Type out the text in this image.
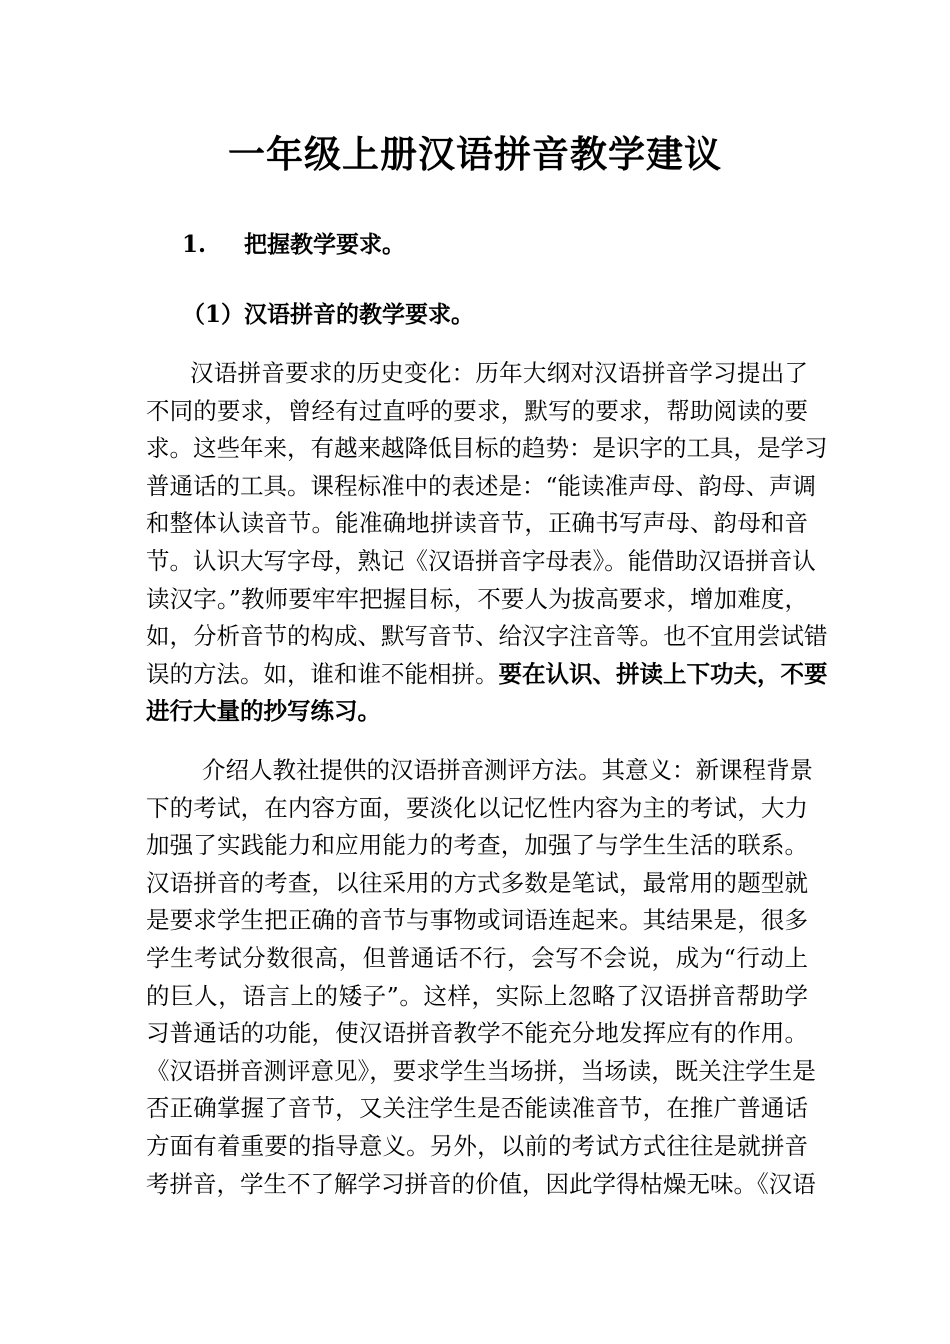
一年级上册汉语拼音教学建议
1. 把握教学要求。
（1）汉语拼音的教学要求。
汉语拼音要求的历史变化：历年大纲对汉语拼音学习提出了
不同的要求，曾经有过直呼的要求，默写的要求，帮助阅读的要
求。这些年来，有越来越降低目标的趋势：是识字的工具，是学习
普通话的工具。课程标准中的表述是：“能读准声母、韵母、声调
和整体认读音节。能准确地拼读音节，正确书写声母、韵母和音
节。认识大写字母，熟记《汉语拼音字母表》。能借助汉语拼音认
读汉字。”教师要牢牢把握目标，不要人为拔高要求，增加难度，
如，分析音节的构成、默写音节、给汉字注音等。也不宜用尝试错
误的方法。如，谁和谁不能相拼。要在认识、拼读上下功夫，不要
进行大量的抄写练习。
介绍人教社提供的汉语拼音测评方法。其意义：新课程背景
下的考试，在内容方面，要淡化以记忆性内容为主的考试，大力
加强了实践能力和应用能力的考查，加强了与学生生活的联系。
汉语拼音的考查，以往采用的方式多数是笔试，最常用的题型就
是要求学生把正确的音节与事物或词语连起来。其结果是，很多
学生考试分数很高，但普通话不行，会写不会说，成为“行动上
的巨人，语言上的矮子”。这样，实际上忽略了汉语拼音帮助学
习普通话的功能，使汉语拼音教学不能充分地发挥应有的作用。
《汉语拼音测评意见》，要求学生当场拼，当场读，既关注学生是
否正确掌握了音节，又关注学生是否能读准音节，在推广普通话
方面有着重要的指导意义。另外，以前的考试方式往往是就拼音
考拼音，学生不了解学习拼音的价值，因此学得枯燥无味。《汉语
